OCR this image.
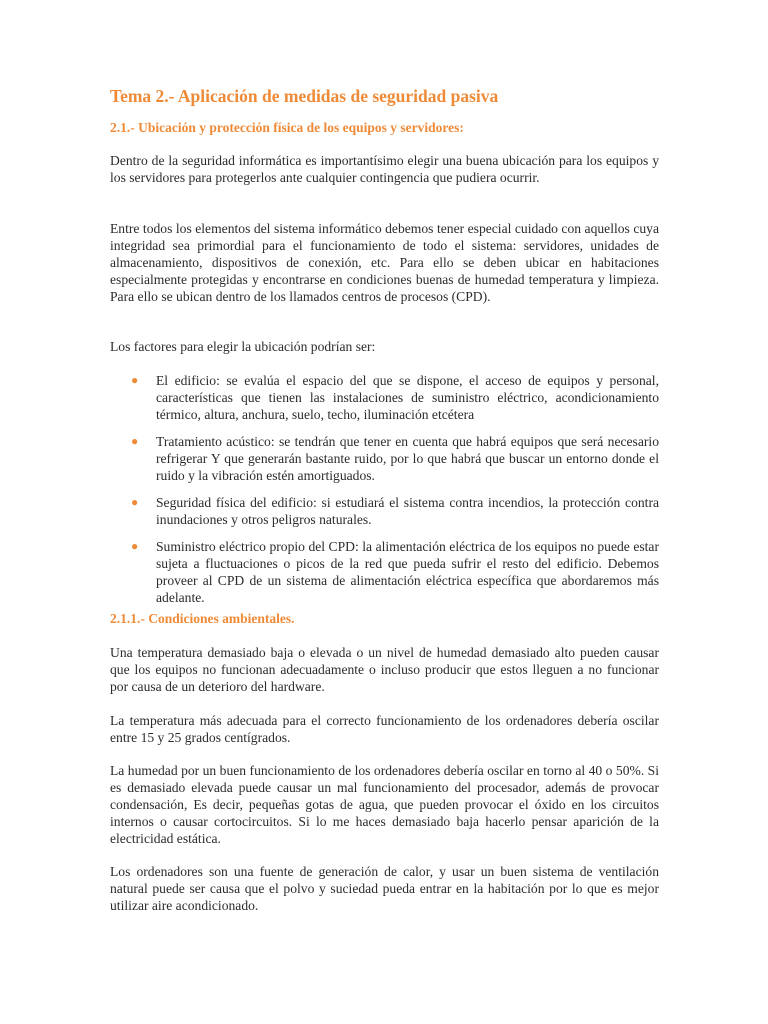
Tema 2.- Aplicación de medidas de seguridad pasiva
2.1.- Ubicación y protección física de los equipos y servidores:

Dentro de la seguridad informática es importantísimo elegir una buena ubicación para los equipos y los servidores para protegerlos ante cualquier contingencia que pudiera ocurrir.

Entre todos los elementos del sistema informático debemos tener especial cuidado con aquellos cuya integridad sea primordial para el funcionamiento de todo el sistema: servidores, unidades de almacenamiento, dispositivos de conexión, etc. Para ello se deben ubicar en habitaciones especialmente protegidas y encontrarse en condiciones buenas de humedad temperatura y limpieza. Para ello se ubican dentro de los llamados centros de procesos (CPD).

Los factores para elegir la ubicación podrían ser:

● El edificio: se evalúa el espacio del que se dispone, el acceso de equipos y personal, características que tienen las instalaciones de suministro eléctrico, acondicionamiento térmico, altura, anchura, suelo, techo, iluminación etcétera
● Tratamiento acústico: se tendrán que tener en cuenta que habrá equipos que será necesario refrigerar Y que generarán bastante ruido, por lo que habrá que buscar un entorno donde el ruido y la vibración estén amortiguados.
● Seguridad física del edificio: si estudiará el sistema contra incendios, la protección contra inundaciones y otros peligros naturales.
● Suministro eléctrico propio del CPD: la alimentación eléctrica de los equipos no puede estar sujeta a fluctuaciones o picos de la red que pueda sufrir el resto del edificio. Debemos proveer al CPD de un sistema de alimentación eléctrica específica que abordaremos más adelante.
2.1.1.- Condiciones ambientales.

Una temperatura demasiado baja o elevada o un nivel de humedad demasiado alto pueden causar que los equipos no funcionan adecuadamente o incluso producir que estos lleguen a no funcionar por causa de un deterioro del hardware.

La temperatura más adecuada para el correcto funcionamiento de los ordenadores debería oscilar entre 15 y 25 grados centígrados.

La humedad por un buen funcionamiento de los ordenadores debería oscilar en torno al 40 o 50%. Si es demasiado elevada puede causar un mal funcionamiento del procesador, además de provocar condensación, Es decir, pequeñas gotas de agua, que pueden provocar el óxido en los circuitos internos o causar cortocircuitos. Si lo me haces demasiado baja hacerlo pensar aparición de la electricidad estática.

Los ordenadores son una fuente de generación de calor, y usar un buen sistema de ventilación natural puede ser causa que el polvo y suciedad pueda entrar en la habitación por lo que es mejor utilizar aire acondicionado.
